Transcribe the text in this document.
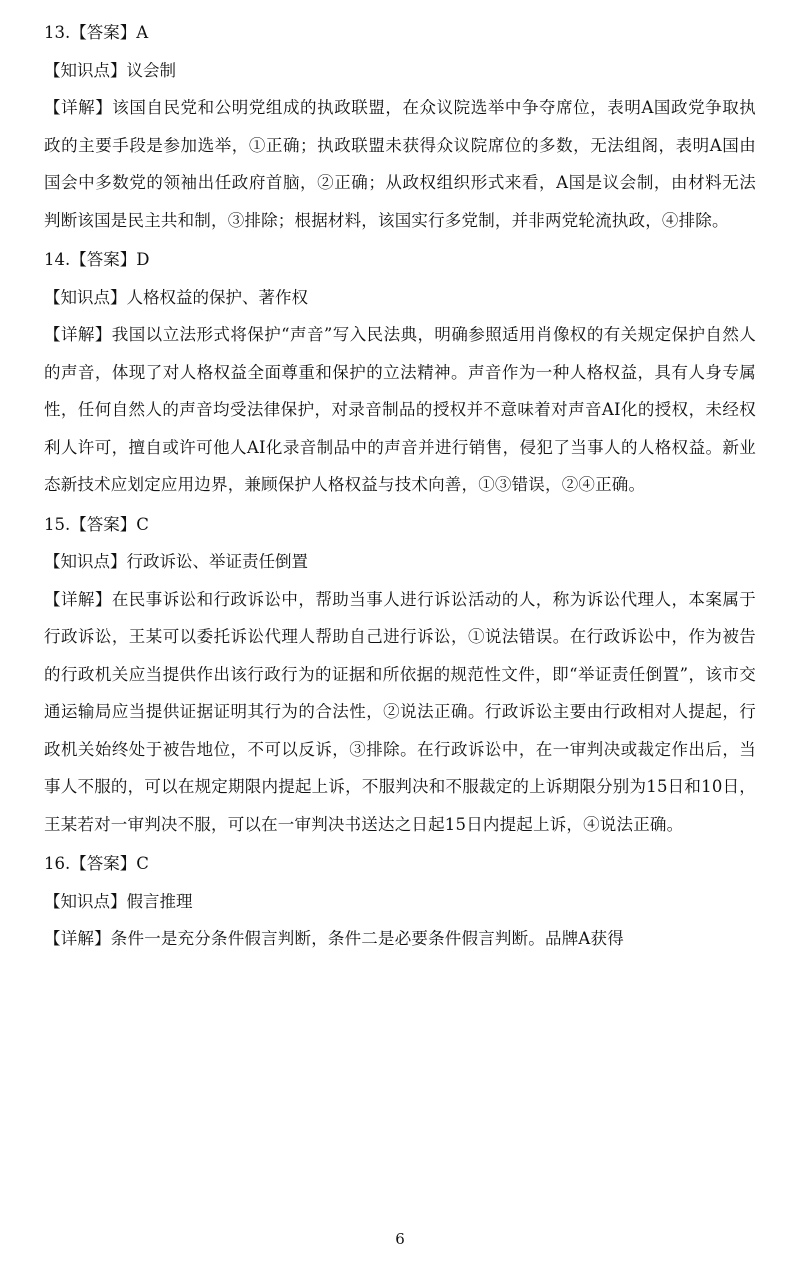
13.【答案】A

【知识点】议会制

【详解】该国自民党和公明党组成的执政联盟，在众议院选举中争夺席位，表明A国政党争取执政的主要手段是参加选举，①正确；执政联盟未获得众议院席位的多数，无法组阁，表明A国由国会中多数党的领袖出任政府首脑，②正确；从政权组织形式来看，A国是议会制，由材料无法判断该国是民主共和制，③排除；根据材料，该国实行多党制，并非两党轮流执政，④排除。

14.【答案】D

【知识点】人格权益的保护、著作权

【详解】我国以立法形式将保护“声音”写入民法典，明确参照适用肖像权的有关规定保护自然人的声音，体现了对人格权益全面尊重和保护的立法精神。声音作为一种人格权益，具有人身专属性，任何自然人的声音均受法律保护，对录音制品的授权并不意味着对声音AI化的授权，未经权利人许可，擅自或许可他人AI化录音制品中的声音并进行销售，侵犯了当事人的人格权益。新业态新技术应划定应用边界，兼顾保护人格权益与技术向善，①③错误，②④正确。

15.【答案】C

【知识点】行政诉讼、举证责任倒置

【详解】在民事诉讼和行政诉讼中，帮助当事人进行诉讼活动的人，称为诉讼代理人，本案属于行政诉讼，王某可以委托诉讼代理人帮助自己进行诉讼，①说法错误。在行政诉讼中，作为被告的行政机关应当提供作出该行政行为的证据和所依据的规范性文件，即“举证责任倒置”，该市交通运输局应当提供证据证明其行为的合法性，②说法正确。行政诉讼主要由行政相对人提起，行政机关始终处于被告地位，不可以反诉，③排除。在行政诉讼中，在一审判决或裁定作出后，当事人不服的，可以在规定期限内提起上诉，不服判决和不服裁定的上诉期限分别为15日和10日，王某若对一审判决不服，可以在一审判决书送达之日起15日内提起上诉，④说法正确。

16.【答案】C

【知识点】假言推理

【详解】条件一是充分条件假言判断，条件二是必要条件假言判断。品牌A获得

6
